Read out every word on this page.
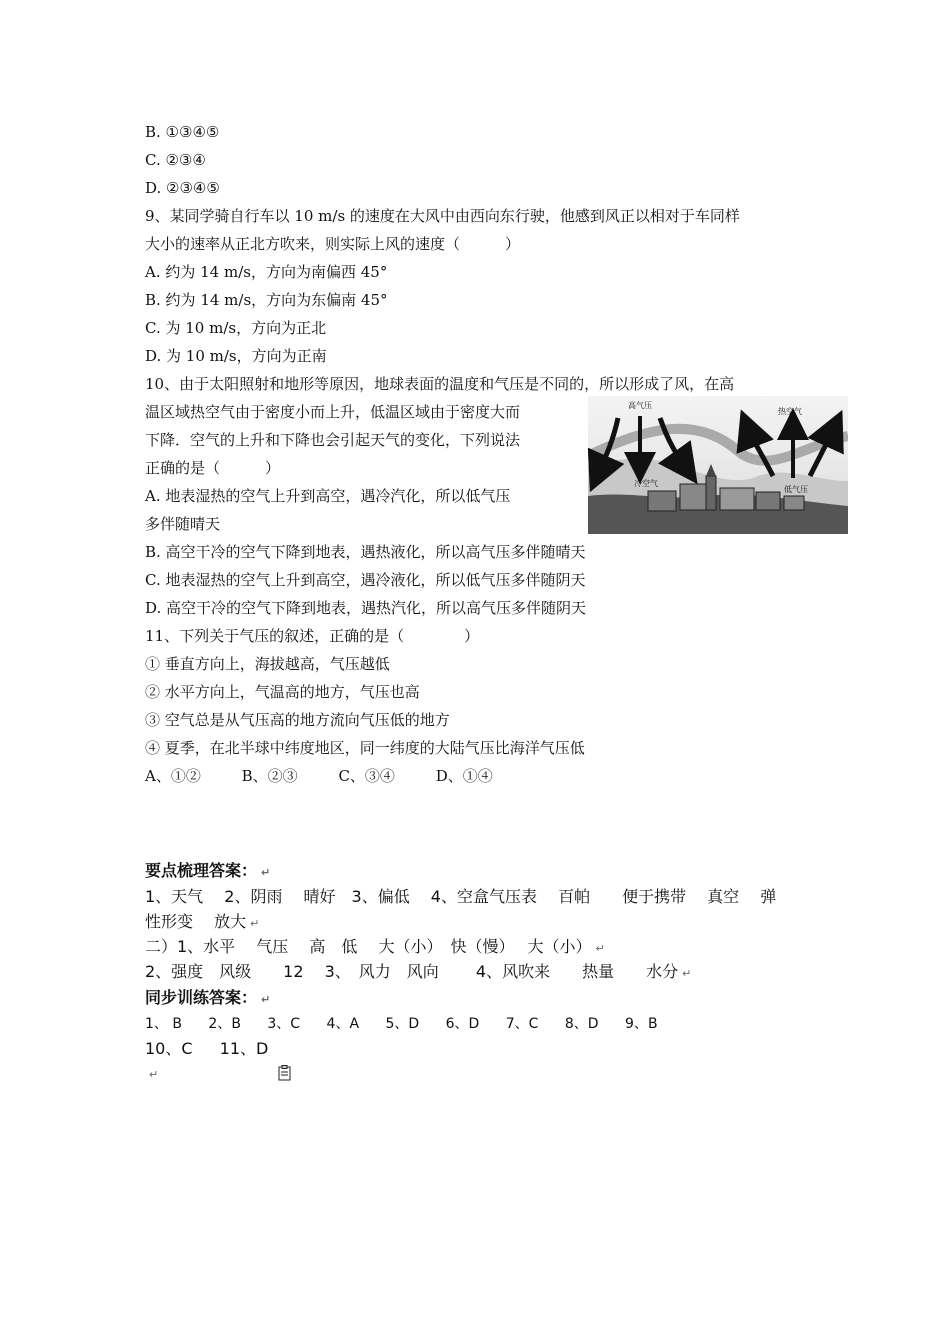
B. ①③④⑤
C. ②③④
D. ②③④⑤
9、某同学骑自行车以 10 m/s 的速度在大风中由西向东行驶，他感到风正以相对于车同样
大小的速率从正北方吹来，则实际上风的速度（　　　）
A. 约为 14 m/s，方向为南偏西 45°
B. 约为 14 m/s，方向为东偏南 45°
C. 为 10 m/s，方向为正北
D. 为 10 m/s，方向为正南
10、由于太阳照射和地形等原因，地球表面的温度和气压是不同的，所以形成了风，在高
温区域热空气由于密度小而上升，低温区域由于密度大而
下降．空气的上升和下降也会引起天气的变化，下列说法
正确的是（　　　）
A. 地表湿热的空气上升到高空，遇冷汽化，所以低气压
多伴随晴天
B. 高空干冷的空气下降到地表，遇热液化，所以高气压多伴随晴天
C. 地表湿热的空气上升到高空，遇冷液化，所以低气压多伴随阴天
D. 高空干冷的空气下降到地表，遇热汽化，所以高气压多伴随阴天
高气压
冷空气
热空气
低气压
11、下列关于气压的叙述，正确的是（　　　　）
① 垂直方向上，海拔越高，气压越低
② 水平方向上，气温高的地方，气压也高
③ 空气总是从气压高的地方流向气压低的地方
④ 夏季，在北半球中纬度地区，同一纬度的大陆气压比海洋气压低
A、①②	B、②③	C、③④	D、①④
要点梳理答案： ↵
1、天气　 2、阴雨　 晴好　3、偏低　 4、空盒气压表　 百帕　　便于携带　 真空　 弹
性形变　 放大 ↵
二）1、水平　 气压　 高　低　 大（小）　快（慢）　 大（小） ↵
2、强度　风级　　12　 3、　风力　风向　　 4、风吹来　　热量　　水分 ↵
同步训练答案： ↵
1、 B 2、B 3、C 4、A 5、D 6、D 7、C 8、D 9、B
10、C 11、D
↵
